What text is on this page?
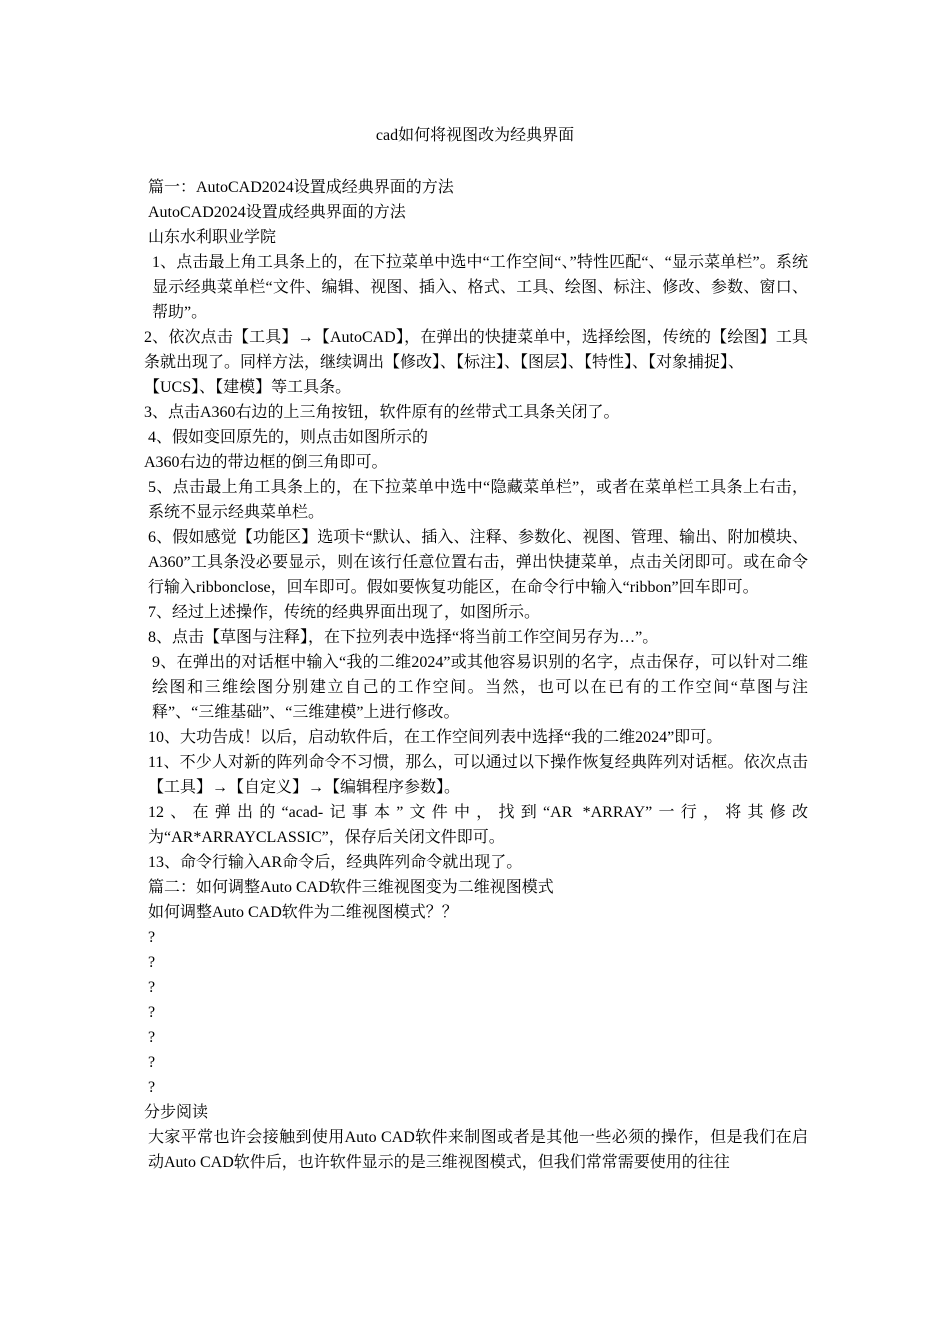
cad如何将视图改为经典界面

篇一：AutoCAD2024设置成经典界面的方法

AutoCAD2024设置成经典界面的方法

山东水利职业学院

1、点击最上角工具条上的，在下拉菜单中选中“工作空间“、”特性匹配“、“显示菜单栏”。系统显示经典菜单栏“文件、编辑、视图、插入、格式、工具、绘图、标注、修改、参数、窗口、帮助”。

2、依次点击【工具】→【AutoCAD】，在弹出的快捷菜单中，选择绘图，传统的【绘图】工具条就出现了。同样方法，继续调出【修改】、【标注】、【图层】、【特性】、【对象捕捉】、

【UCS】、【建模】等工具条。

3、点击A360右边的上三角按钮，软件原有的丝带式工具条关闭了。

4、假如变回原先的，则点击如图所示的

A360右边的带边框的倒三角即可。

5、点击最上角工具条上的，在下拉菜单中选中“隐藏菜单栏”，或者在菜单栏工具条上右击，系统不显示经典菜单栏。

6、假如感觉【功能区】选项卡“默认、插入、注释、参数化、视图、管理、输出、附加模块、A360”工具条没必要显示，则在该行任意位置右击，弹出快捷菜单，点击关闭即可。或在命令行输入ribbonclose，回车即可。假如要恢复功能区，在命令行中输入“ribbon”回车即可。

7、经过上述操作，传统的经典界面出现了，如图所示。

8、点击【草图与注释】，在下拉列表中选择“将当前工作空间另存为…”。

9、在弹出的对话框中输入“我的二维2024”或其他容易识别的名字，点击保存，可以针对二维绘图和三维绘图分别建立自己的工作空间。当然，也可以在已有的工作空间“草图与注释”、“三维基础”、“三维建模”上进行修改。

10、大功告成！以后，启动软件后，在工作空间列表中选择“我的二维2024”即可。

11、不少人对新的阵列命令不习惯，那么，可以通过以下操作恢复经典阵列对话框。依次点击【工具】→【自定义】→【编辑程序参数】。

12、在弹出的“acad-记事本”文件中，找到“AR *ARRAY”一行，将其修改为“AR*ARRAYCLASSIC”，保存后关闭文件即可。

13、命令行输入AR命令后，经典阵列命令就出现了。

篇二：如何调整Auto CAD软件三维视图变为二维视图模式

如何调整Auto CAD软件为二维视图模式？？

?

?

?

?

?

?

?

分步阅读

大家平常也许会接触到使用Auto CAD软件来制图或者是其他一些必须的操作，但是我们在启动Auto CAD软件后，也许软件显示的是三维视图模式，但我们常常需要使用的往往
